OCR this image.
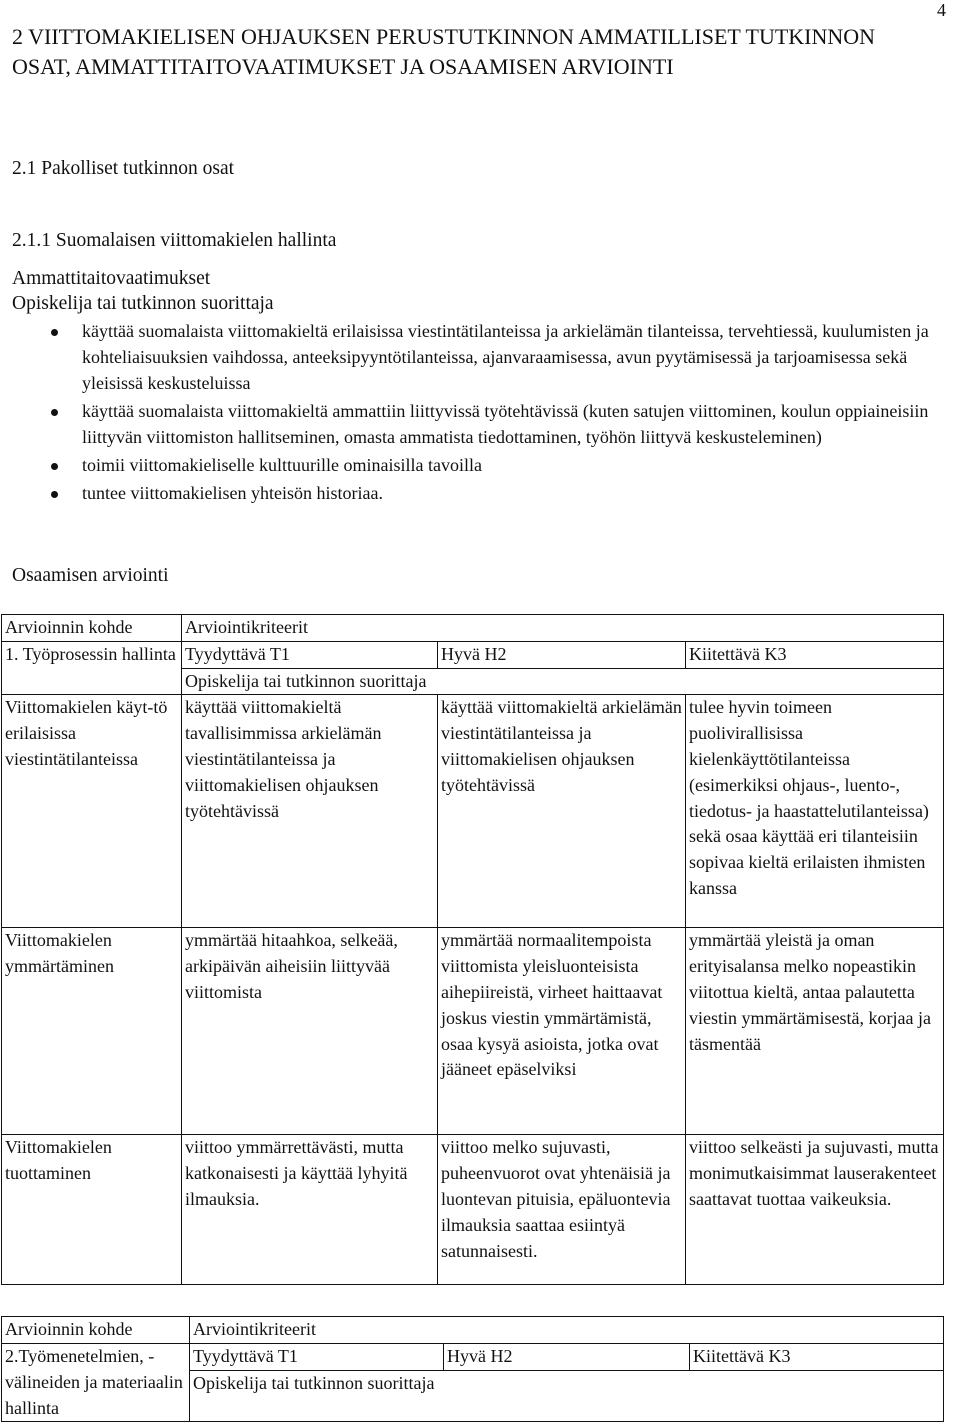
4
2 VIITTOMAKIELISEN OHJAUKSEN PERUSTUTKINNON AMMATILLISET TUTKINNON OSAT, AMMATTITAITOVAATIMUKSET JA OSAAMISEN ARVIOINTI
2.1 Pakolliset tutkinnon osat
2.1.1 Suomalaisen viittomakielen hallinta
Ammattitaitovaatimukset
Opiskelija tai tutkinnon suorittaja
käyttää suomalaista viittomakieltä erilaisissa viestintätilanteissa ja arkielämän tilanteissa, tervehtiessä, kuulumisten ja kohteliaisuuksien vaihdossa, anteeksipyyntötilanteissa, ajanvaraamisessa, avun pyytämisessä ja tarjoamisessa sekä yleisissä keskusteluissa
käyttää suomalaista viittomakieltä ammattiin liittyvissä työtehtävissä (kuten satujen viittominen, koulun oppiaineisiin liittyvän viittomiston hallitseminen, omasta ammatista tiedottaminen, työhön liittyvä keskusteleminen)
toimii viittomakieliselle kulttuurille ominaisilla tavoilla
tuntee viittomakielisen yhteisön historiaa.
Osaamisen arviointi
Arvioinnin kohde	Arviointikriteerit		
1. Työprosessin hallinta	Tyydyttävä T1	Hyvä H2	Kiitettävä K3
	Opiskelija tai tutkinnon suorittaja		
Viittomakielen käyt-tö erilaisissa viestintätilanteissa	käyttää viittomakieltä tavallisimmissa arkielämän viestintätilanteissa ja viittomakielisen ohjauksen työtehtävissä	käyttää viittomakieltä arkielämän viestintätilanteissa ja viittomakielisen ohjauksen työtehtävissä	tulee hyvin toimeen puolivirallisissa kielenkäyttötilanteissa (esimerkiksi ohjaus-, luento-, tiedotus- ja haastattelutilanteissa) sekä osaa käyttää eri tilanteisiin sopivaa kieltä erilaisten ihmisten kanssa
Viittomakielen ymmärtäminen	ymmärtää hitaahkoa, selkeää, arkipäivän aiheisiin liittyvää viittomista	ymmärtää normaalitempoista viittomista yleisluonteisista aihepiireistä, virheet haittaavat joskus viestin ymmärtämistä, osaa kysyä asioista, jotka ovat jääneet epäselviksi	ymmärtää yleistä ja oman erityisalansa melko nopeastikin viitottua kieltä, antaa palautetta viestin ymmärtämisestä, korjaa ja täsmentää
Viittomakielen tuottaminen	viittoo ymmärrettävästi, mutta katkonaisesti ja käyttää lyhyitä ilmauksia.	viittoo melko sujuvasti, puheenvuorot ovat yhtenäisiä ja luontevan pituisia, epäluontevia ilmauksia saattaa esiintyä satunnaisesti.	viittoo selkeästi ja sujuvasti, mutta monimutkaisimmat lauserakenteet saattavat tuottaa vaikeuksia.
Arvioinnin kohde	Arviointikriteerit		
2.Työmenetelmien, -välineiden ja materiaalin hallinta	Tyydyttävä T1	Hyvä H2	Kiitettävä K3
	Opiskelija tai tutkinnon suorittaja		
